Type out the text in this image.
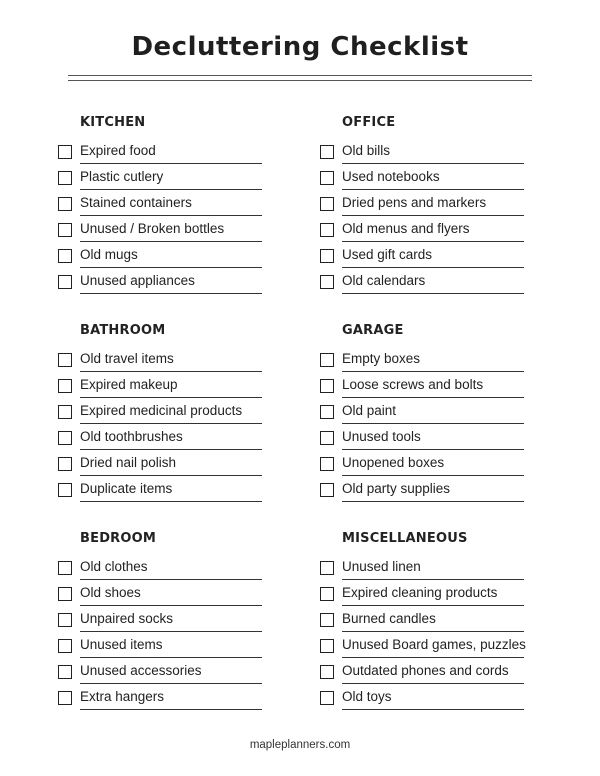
Decluttering Checklist
KITCHEN
Expired food
Plastic cutlery
Stained containers
Unused / Broken bottles
Old mugs
Unused appliances
OFFICE
Old bills
Used notebooks
Dried pens and markers
Old menus and flyers
Used gift cards
Old calendars
BATHROOM
Old travel items
Expired makeup
Expired medicinal products
Old toothbrushes
Dried nail polish
Duplicate items
GARAGE
Empty boxes
Loose screws and bolts
Old paint
Unused tools
Unopened boxes
Old party supplies
BEDROOM
Old clothes
Old shoes
Unpaired socks
Unused items
Unused accessories
Extra hangers
MISCELLANEOUS
Unused linen
Expired cleaning products
Burned candles
Unused Board games, puzzles
Outdated phones and cords
Old toys
mapleplanners.com
